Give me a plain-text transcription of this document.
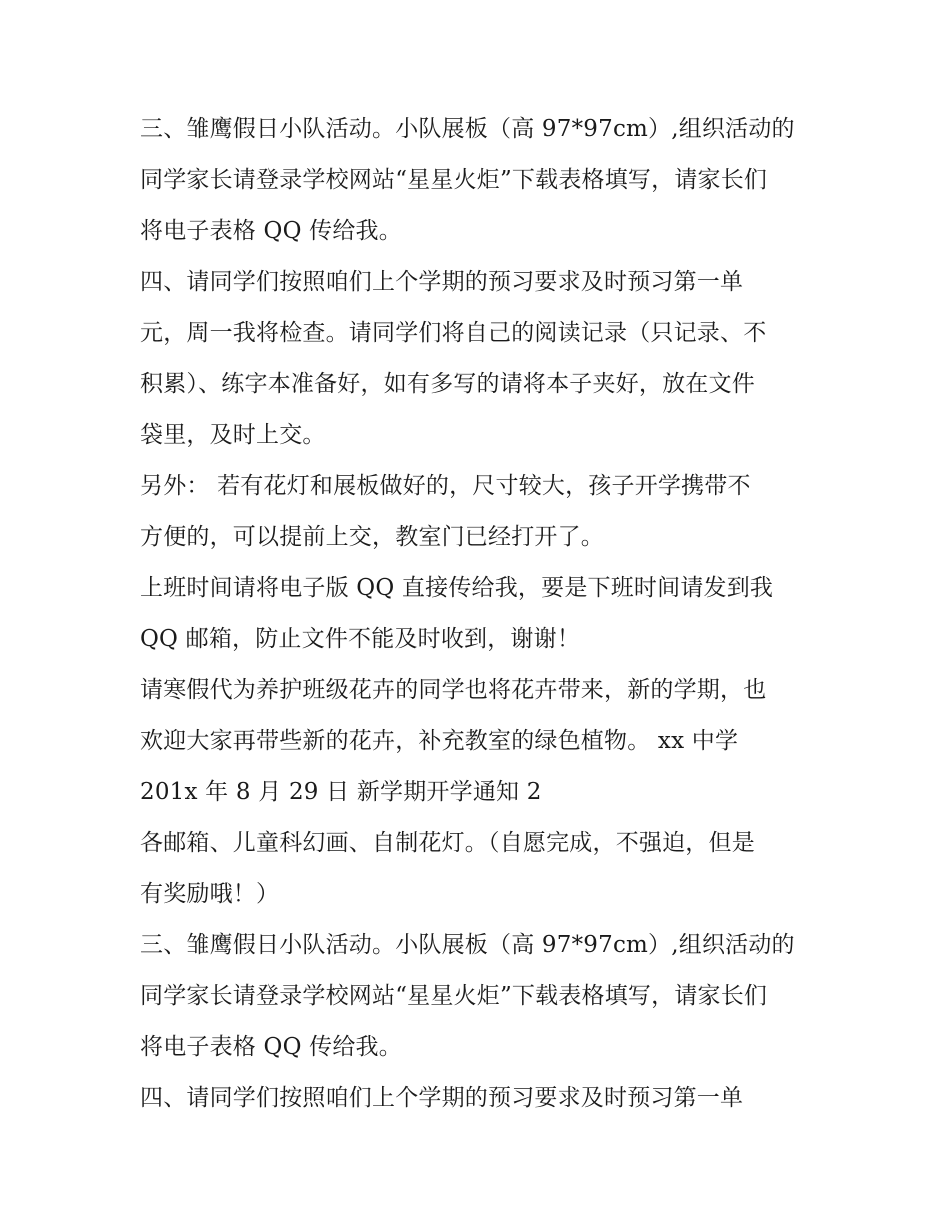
三、雏鹰假日小队活动。小队展板（高 97*97cm）,组织活动的
同学家长请登录学校网站“星星火炬”下载表格填写，请家长们
将电子表格 QQ 传给我。
四、请同学们按照咱们上个学期的预习要求及时预习第一单
元，周一我将检查。请同学们将自己的阅读记录（只记录、不
积累）、练字本准备好，如有多写的请将本子夹好，放在文件
袋里，及时上交。
另外： 若有花灯和展板做好的，尺寸较大，孩子开学携带不
方便的，可以提前上交，教室门已经打开了。
上班时间请将电子版 QQ 直接传给我，要是下班时间请发到我
QQ 邮箱，防止文件不能及时收到，谢谢！
请寒假代为养护班级花卉的同学也将花卉带来，新的学期，也
欢迎大家再带些新的花卉，补充教室的绿色植物。 xx 中学
201x 年 8 月 29 日 新学期开学通知 2
各邮箱、儿童科幻画、自制花灯。（自愿完成，不强迫，但是
有奖励哦！）
三、雏鹰假日小队活动。小队展板（高 97*97cm）,组织活动的
同学家长请登录学校网站“星星火炬”下载表格填写，请家长们
将电子表格 QQ 传给我。
四、请同学们按照咱们上个学期的预习要求及时预习第一单
